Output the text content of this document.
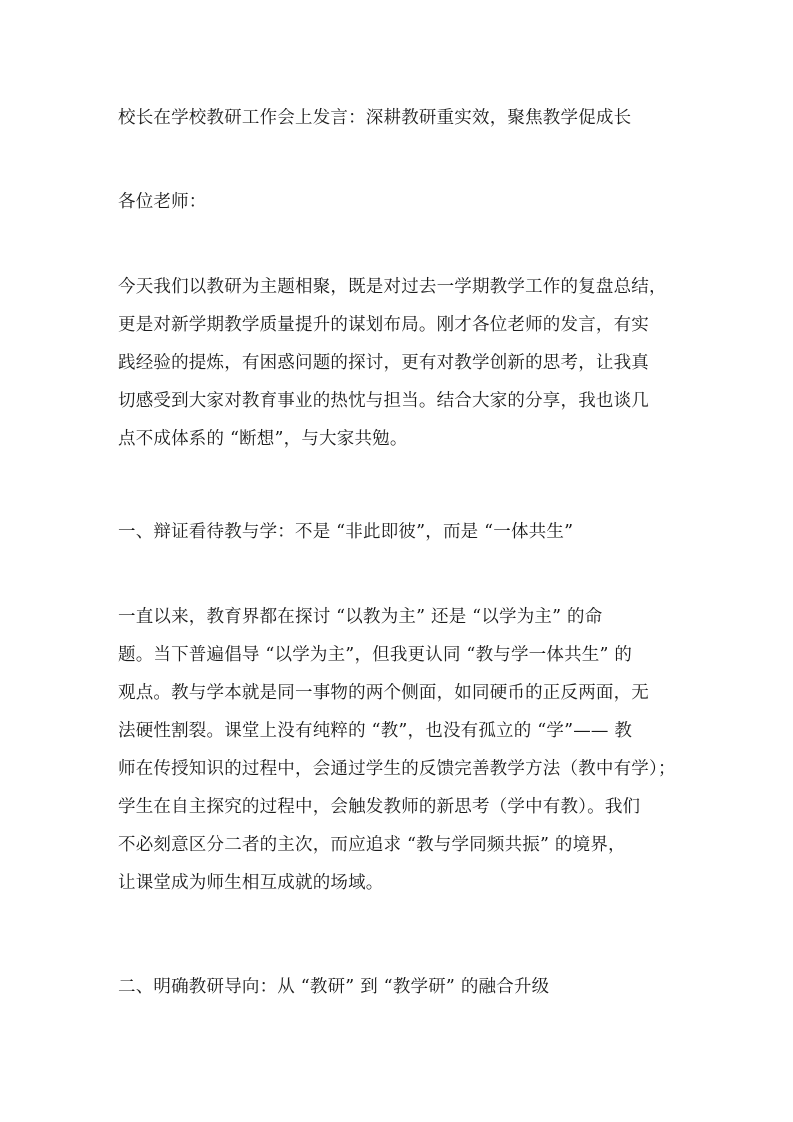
校长在学校教研工作会上发言：深耕教研重实效，聚焦教学促成长
各位老师：
今天我们以教研为主题相聚，既是对过去一学期教学工作的复盘总结，
更是对新学期教学质量提升的谋划布局。刚才各位老师的发言，有实
践经验的提炼，有困惑问题的探讨，更有对教学创新的思考，让我真
切感受到大家对教育事业的热忱与担当。结合大家的分享，我也谈几
点不成体系的 “断想”，与大家共勉。
一、辩证看待教与学：不是 “非此即彼”，而是 “一体共生”
一直以来，教育界都在探讨 “以教为主” 还是 “以学为主” 的命
题。当下普遍倡导 “以学为主”，但我更认同 “教与学一体共生” 的
观点。教与学本就是同一事物的两个侧面，如同硬币的正反两面，无
法硬性割裂。课堂上没有纯粹的 “教”，也没有孤立的 “学”—— 教
师在传授知识的过程中，会通过学生的反馈完善教学方法（教中有学）；
学生在自主探究的过程中，会触发教师的新思考（学中有教）。我们
不必刻意区分二者的主次，而应追求 “教与学同频共振” 的境界，
让课堂成为师生相互成就的场域。
二、明确教研导向：从 “教研” 到 “教学研” 的融合升级
